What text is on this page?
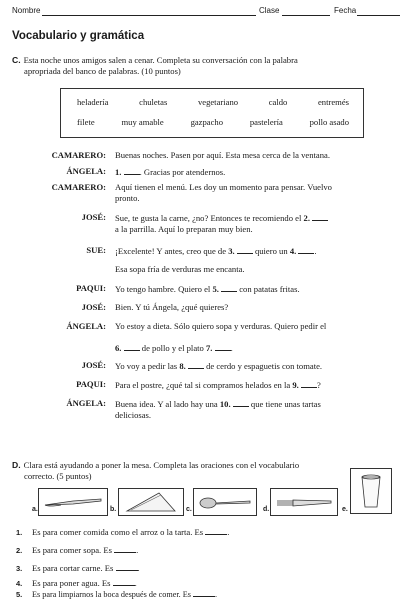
Nombre	Clase	Fecha
Vocabulario y gramática
C. Esta noche unos amigos salen a cenar. Completa su conversación con la palabra
apropriada del banco de palabras. (10 puntos)
heladería	chuletas	vegetariano	caldo	entremés
filete	muy amable	gazpacho	pastelería	pollo asado
CAMARERO: Buenas noches. Pasen por aquí. Esta mesa cerca de la ventana.
ÁNGELA: 1. . Gracias por atendernos.
CAMARERO: Aquí tienen el menú. Les doy un momento para pensar. Vuelvo
pronto.
JOSÉ: Sue, te gusta la carne, ¿no? Entonces te recomiendo el 2.
a la parrilla. Aquí lo preparan muy bien.
SUE: ¡Excelente! Y antes, creo que de 3. quiero un 4. .
Esa sopa fría de verduras me encanta.
PAQUI: Yo tengo hambre. Quiero el 5. con patatas fritas.
JOSÉ: Bien. Y tú Ángela, ¿qué quieres?
ÁNGELA: Yo estoy a dieta. Sólo quiero sopa y verduras. Quiero pedir el
6. de pollo y el plato 7. .
JOSÉ: Yo voy a pedir las 8. de cerdo y espaguetis con tomate.
PAQUI: Para el postre, ¿qué tal si compramos helados en la 9. ?
ÁNGELA: Buena idea. Y al lado hay una 10. que tiene unas tartas
deliciosas.
D. Clara está ayudando a poner la mesa. Completa las oraciones con el vocabulario
correcto. (5 puntos)
a.	b.	c.	d.	e.
1. Es para comer comida como el arroz o la tarta. Es	.
2. Es para comer sopa. Es	.
3. Es para cortar carne. Es	.
4. Es para poner agua. Es	.
5. Es para limpiarnos la boca después de comer. Es	.
